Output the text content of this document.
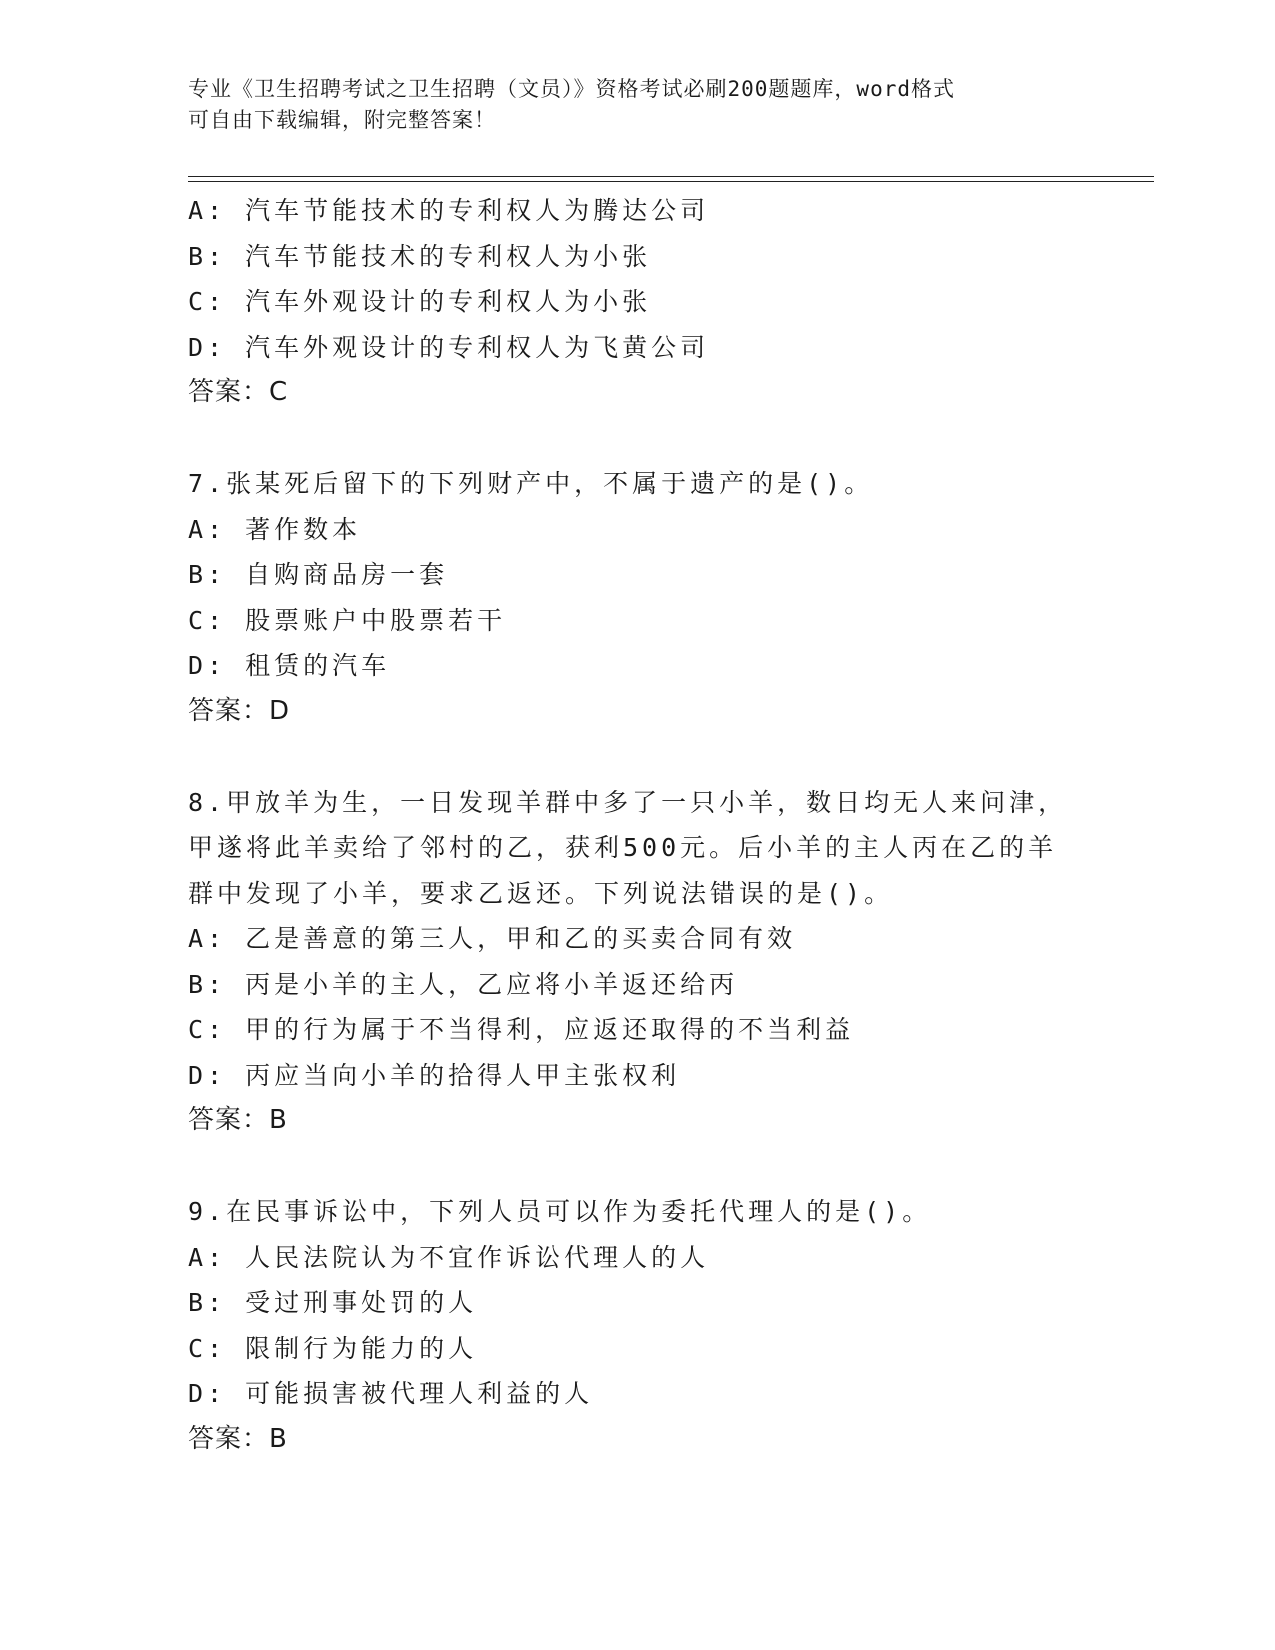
专业《卫生招聘考试之卫生招聘（文员）》资格考试必刷200题题库，word格式
可自由下载编辑，附完整答案！
A: 汽车节能技术的专利权人为腾达公司
B: 汽车节能技术的专利权人为小张
C: 汽车外观设计的专利权人为小张
D: 汽车外观设计的专利权人为飞黄公司
答案：C
7.张某死后留下的下列财产中，不属于遗产的是()。
A: 著作数本
B: 自购商品房一套
C: 股票账户中股票若干
D: 租赁的汽车
答案：D
8.甲放羊为生，一日发现羊群中多了一只小羊，数日均无人来问津，
甲遂将此羊卖给了邻村的乙，获利500元。后小羊的主人丙在乙的羊
群中发现了小羊，要求乙返还。下列说法错误的是()。
A: 乙是善意的第三人，甲和乙的买卖合同有效
B: 丙是小羊的主人，乙应将小羊返还给丙
C: 甲的行为属于不当得利，应返还取得的不当利益
D: 丙应当向小羊的拾得人甲主张权利
答案：B
9.在民事诉讼中，下列人员可以作为委托代理人的是()。
A: 人民法院认为不宜作诉讼代理人的人
B: 受过刑事处罚的人
C: 限制行为能力的人
D: 可能损害被代理人利益的人
答案：B
